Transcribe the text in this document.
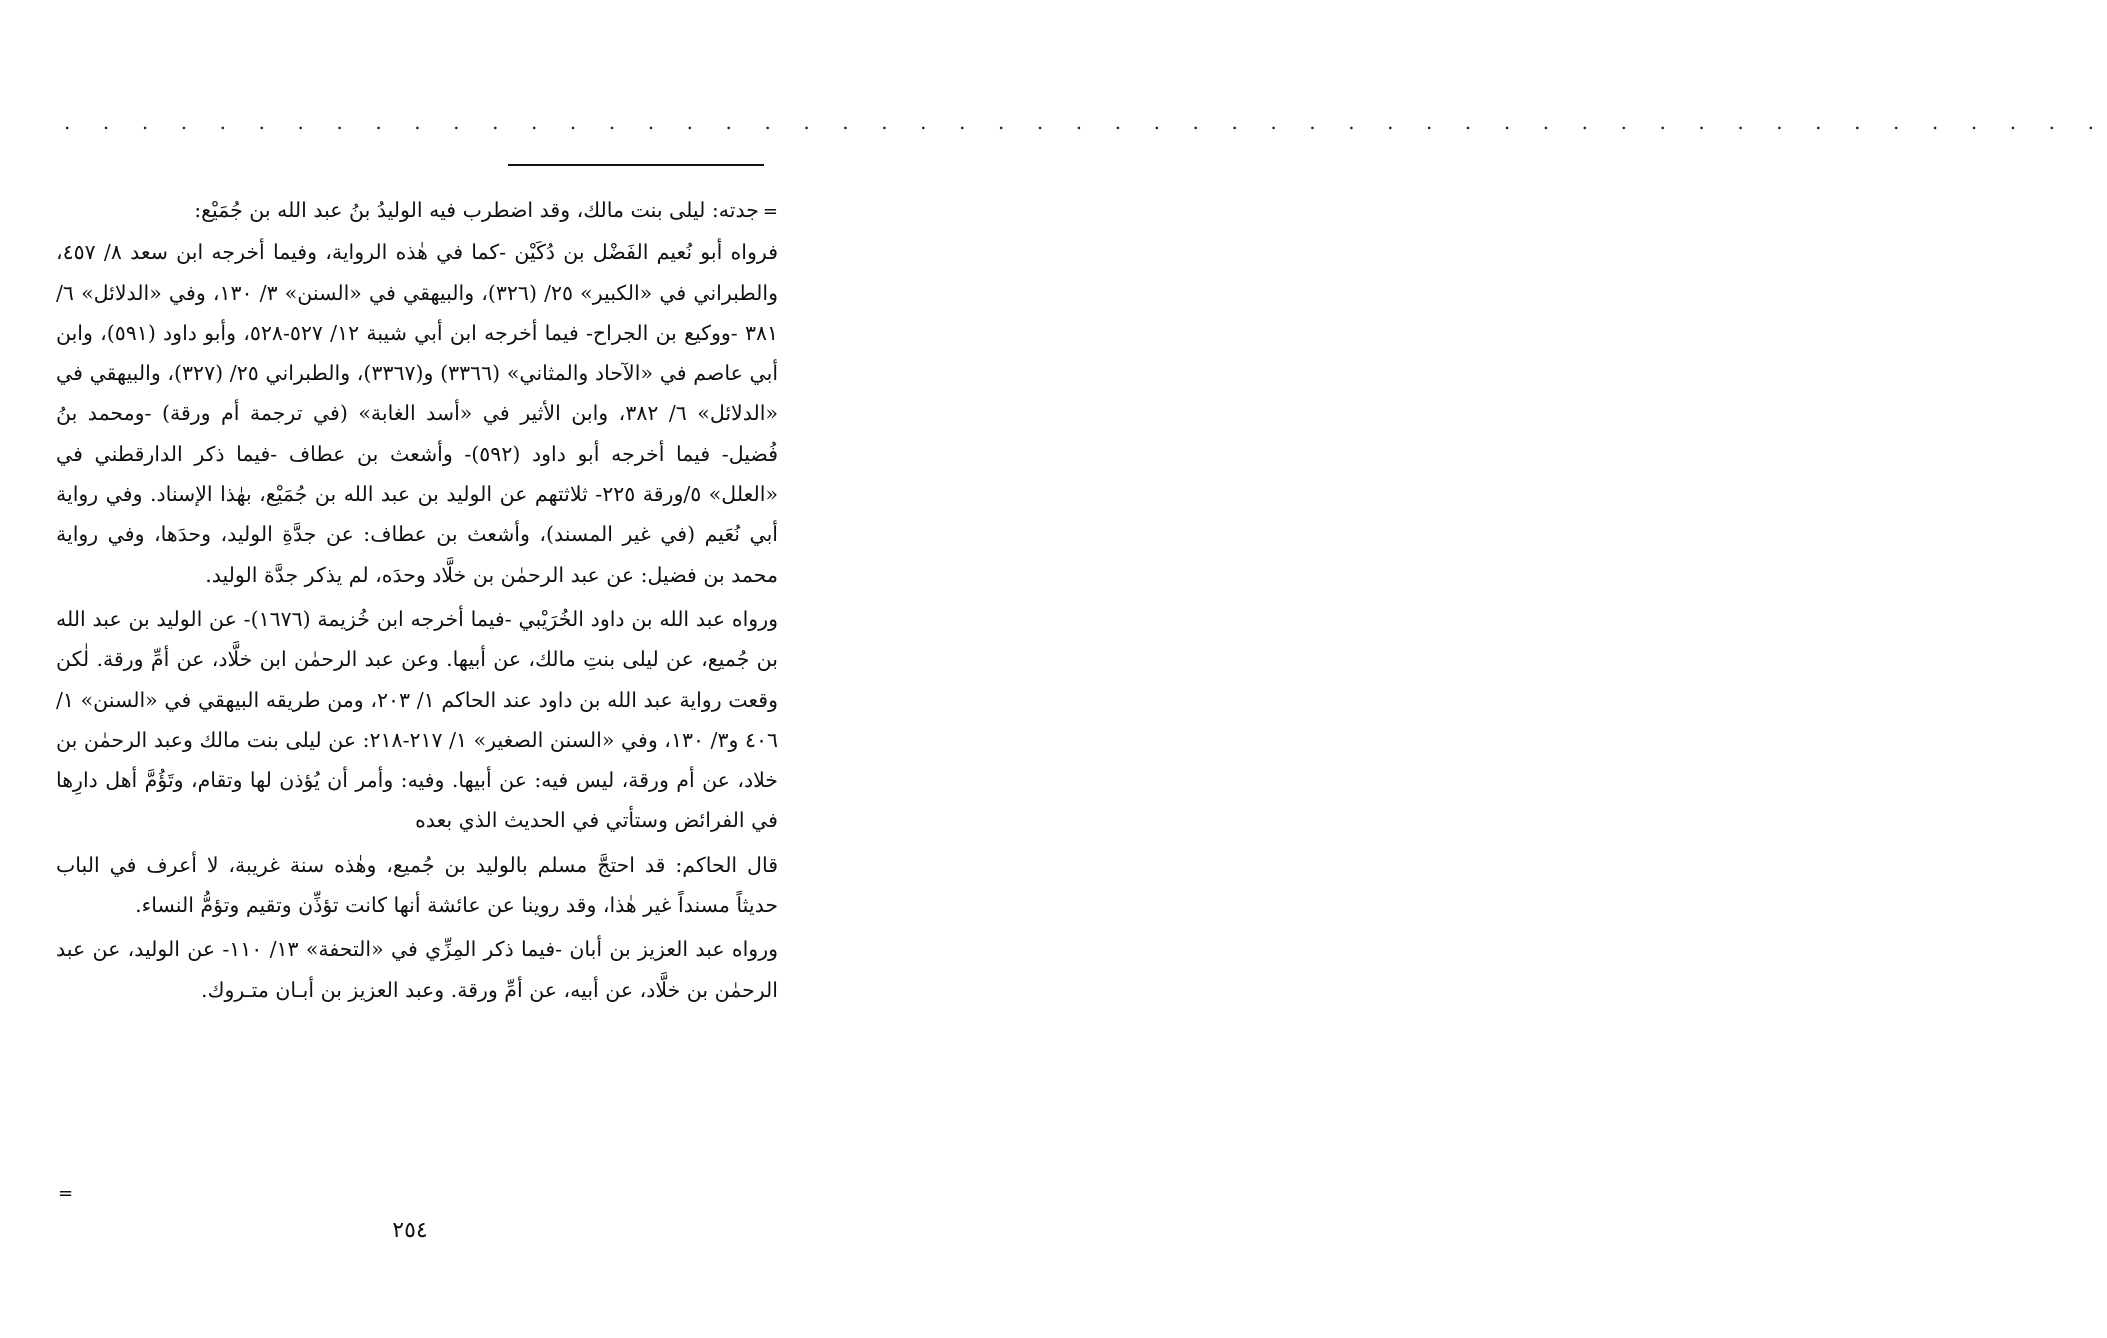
. . . . . . . . . . . . . . . . . . . . . . . . . . . . . . . . . . . . . . . . . . . . . . . . . . . . .

=جدته: ليلى بنت مالك، وقد اضطرب فيه الوليدُ بنُ عبد الله بن جُمَيْع:

فرواه أبو نُعيم الفَضْل بن دُكَيْن -كما في هٰذه الرواية، وفيما أخرجه ابن سعد ٨/ ٤٥٧، والطبراني في «الكبير» ٢٥/ (٣٢٦)، والبيهقي في «السنن» ٣/ ١٣٠، وفي «الدلائل» ٦/ ٣٨١ -ووكيع بن الجراح- فيما أخرجه ابن أبي شيبة ١٢/ ٥٢٧-٥٢٨، وأبو داود (٥٩١)، وابن أبي عاصم في «الآحاد والمثاني» (٣٣٦٦) و(٣٣٦٧)، والطبراني ٢٥/ (٣٢٧)، والبيهقي في «الدلائل» ٦/ ٣٨٢، وابن الأثير في «أسد الغابة» (في ترجمة أم ورقة) -ومحمد بنُ فُضيل- فيما أخرجه أبو داود (٥٩٢)- وأشعث بن عطاف -فيما ذكر الدارقطني في «العلل» ٥/ورقة ٢٢٥- ثلاثتهم عن الوليد بن عبد الله بن جُمَيْع، بهٰذا الإسناد. وفي رواية أبي نُعَيم (في غير المسند)، وأشعث بن عطاف: عن جدَّةِ الوليد، وحدَها، وفي رواية محمد بن فضيل: عن عبد الرحمٰن بن خلَّاد وحدَه، لم يذكر جدَّة الوليد.

ورواه عبد الله بن داود الخُرَيْبي -فيما أخرجه ابن خُزيمة (١٦٧٦)- عن الوليد بن عبد الله بن جُميع، عن ليلى بنتِ مالك، عن أبيها. وعن عبد الرحمٰن ابن خلَّاد، عن أمِّ ورقة. لٰكن وقعت رواية عبد الله بن داود عند الحاكم ١/ ٢٠٣، ومن طريقه البيهقي في «السنن» ١/ ٤٠٦ و٣/ ١٣٠، وفي «السنن الصغير» ١/ ٢١٧-٢١٨: عن ليلى بنت مالك وعبد الرحمٰن بن خلاد، عن أم ورقة، ليس فيه: عن أبيها. وفيه: وأمر أن يُؤذن لها وتقام، وتَؤُمَّ أهل دارِها في الفرائض وستأتي في الحديث الذي بعده

قال الحاكم: قد احتجَّ مسلم بالوليد بن جُميع، وهٰذه سنة غريبة، لا أعرف في الباب حديثاً مسنداً غير هٰذا، وقد روينا عن عائشة أنها كانت تؤذِّن وتقيم وتؤمُّ النساء.

ورواه عبد العزيز بن أبان -فيما ذكر المِزِّي في «التحفة» ١٣/ ١١٠- عن الوليد، عن عبد الرحمٰن بن خلَّاد، عن أبيه، عن أمِّ ورقة. وعبد العزيز بن أبـان متـروك.

=
٢٥٤
